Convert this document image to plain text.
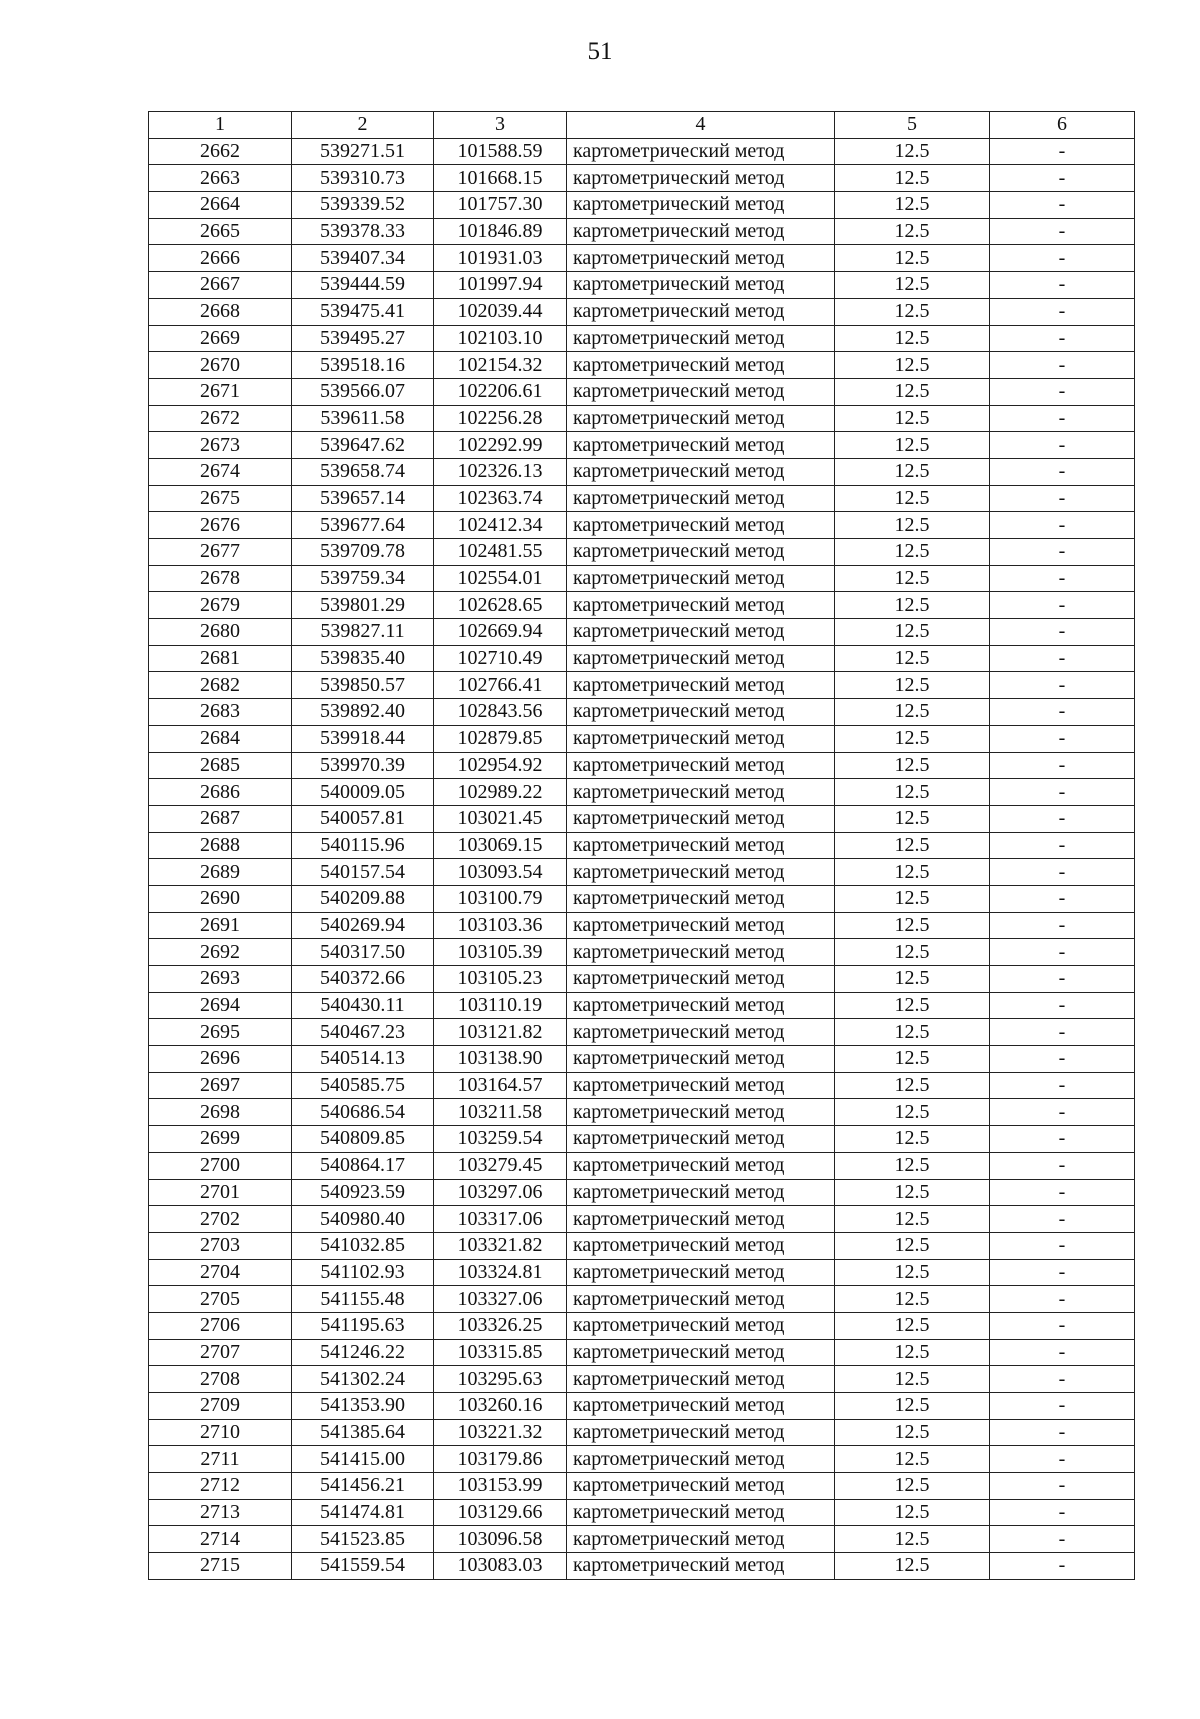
51
1	2	3	4	5	6
2662	539271.51	101588.59	картометрический метод	12.5	-
2663	539310.73	101668.15	картометрический метод	12.5	-
2664	539339.52	101757.30	картометрический метод	12.5	-
2665	539378.33	101846.89	картометрический метод	12.5	-
2666	539407.34	101931.03	картометрический метод	12.5	-
2667	539444.59	101997.94	картометрический метод	12.5	-
2668	539475.41	102039.44	картометрический метод	12.5	-
2669	539495.27	102103.10	картометрический метод	12.5	-
2670	539518.16	102154.32	картометрический метод	12.5	-
2671	539566.07	102206.61	картометрический метод	12.5	-
2672	539611.58	102256.28	картометрический метод	12.5	-
2673	539647.62	102292.99	картометрический метод	12.5	-
2674	539658.74	102326.13	картометрический метод	12.5	-
2675	539657.14	102363.74	картометрический метод	12.5	-
2676	539677.64	102412.34	картометрический метод	12.5	-
2677	539709.78	102481.55	картометрический метод	12.5	-
2678	539759.34	102554.01	картометрический метод	12.5	-
2679	539801.29	102628.65	картометрический метод	12.5	-
2680	539827.11	102669.94	картометрический метод	12.5	-
2681	539835.40	102710.49	картометрический метод	12.5	-
2682	539850.57	102766.41	картометрический метод	12.5	-
2683	539892.40	102843.56	картометрический метод	12.5	-
2684	539918.44	102879.85	картометрический метод	12.5	-
2685	539970.39	102954.92	картометрический метод	12.5	-
2686	540009.05	102989.22	картометрический метод	12.5	-
2687	540057.81	103021.45	картометрический метод	12.5	-
2688	540115.96	103069.15	картометрический метод	12.5	-
2689	540157.54	103093.54	картометрический метод	12.5	-
2690	540209.88	103100.79	картометрический метод	12.5	-
2691	540269.94	103103.36	картометрический метод	12.5	-
2692	540317.50	103105.39	картометрический метод	12.5	-
2693	540372.66	103105.23	картометрический метод	12.5	-
2694	540430.11	103110.19	картометрический метод	12.5	-
2695	540467.23	103121.82	картометрический метод	12.5	-
2696	540514.13	103138.90	картометрический метод	12.5	-
2697	540585.75	103164.57	картометрический метод	12.5	-
2698	540686.54	103211.58	картометрический метод	12.5	-
2699	540809.85	103259.54	картометрический метод	12.5	-
2700	540864.17	103279.45	картометрический метод	12.5	-
2701	540923.59	103297.06	картометрический метод	12.5	-
2702	540980.40	103317.06	картометрический метод	12.5	-
2703	541032.85	103321.82	картометрический метод	12.5	-
2704	541102.93	103324.81	картометрический метод	12.5	-
2705	541155.48	103327.06	картометрический метод	12.5	-
2706	541195.63	103326.25	картометрический метод	12.5	-
2707	541246.22	103315.85	картометрический метод	12.5	-
2708	541302.24	103295.63	картометрический метод	12.5	-
2709	541353.90	103260.16	картометрический метод	12.5	-
2710	541385.64	103221.32	картометрический метод	12.5	-
2711	541415.00	103179.86	картометрический метод	12.5	-
2712	541456.21	103153.99	картометрический метод	12.5	-
2713	541474.81	103129.66	картометрический метод	12.5	-
2714	541523.85	103096.58	картометрический метод	12.5	-
2715	541559.54	103083.03	картометрический метод	12.5	-
